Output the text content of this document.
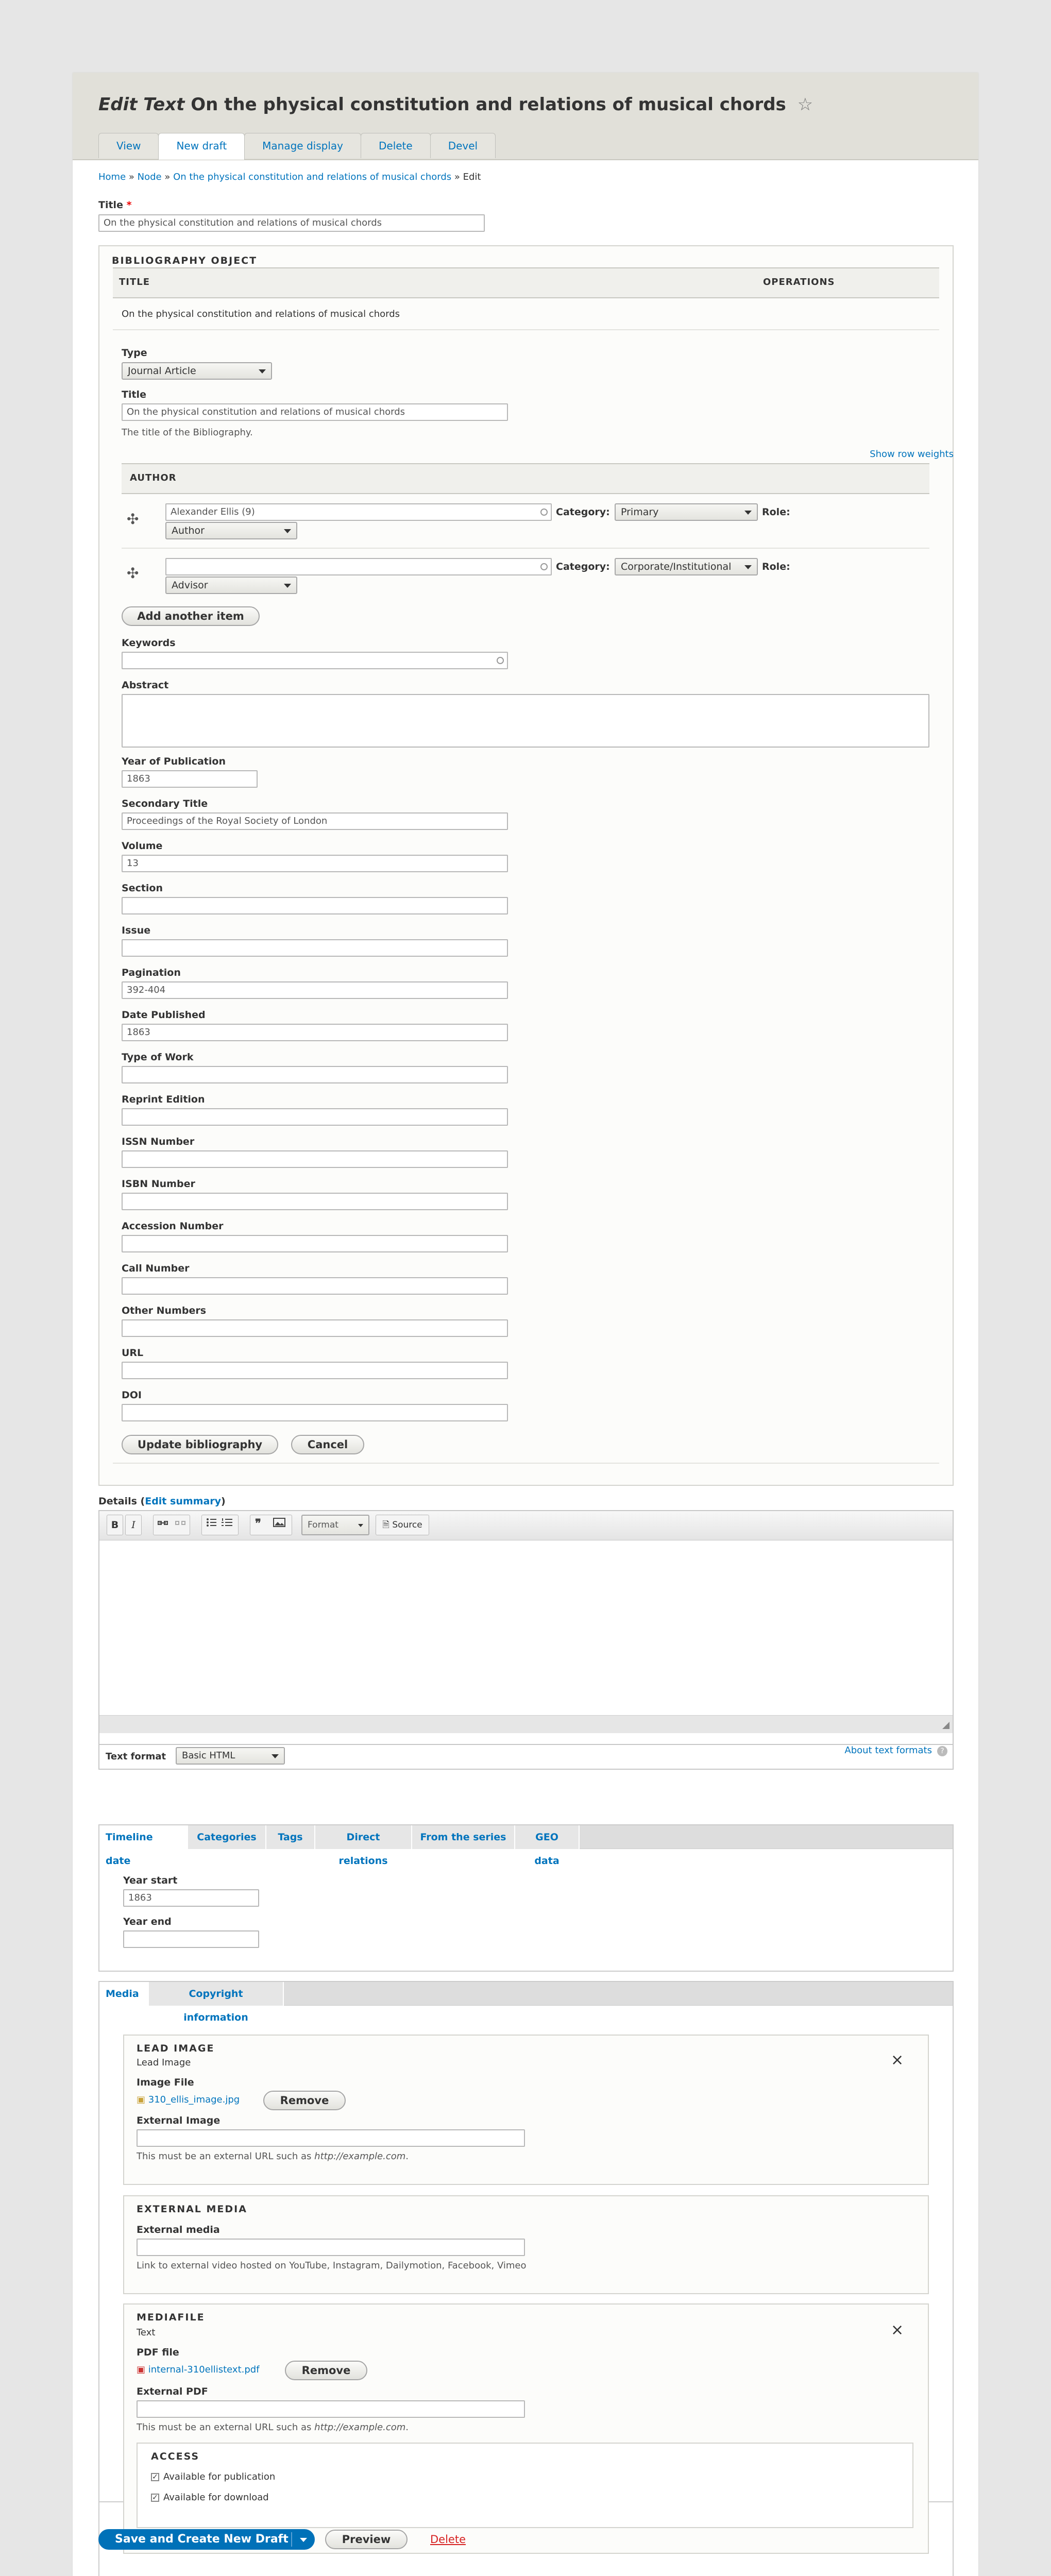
Edit Text On the physical constitution and relations of musical chords ☆
View	New draft	Manage display	Delete	Devel
Home » Node » On the physical constitution and relations of musical chords » Edit
Title *
On the physical constitution and relations of musical chords
BIBLIOGRAPHY OBJECT
TITLE	OPERATIONS
On the physical constitution and relations of musical chords
Type
Journal Article
Title
On the physical constitution and relations of musical chords
The title of the Bibliography.
Show row weights
AUTHOR
✣	Alexander Ellis (9)	Category:	Primary	Role:
Author
✣	Category:	Corporate/Institutional	Role:
Advisor
Add another item
Keywords
Abstract
Year of Publication
1863
Secondary Title
Proceedings of the Royal Society of London
Volume
13
Section
Issue
Pagination
392-404
Date Published
1863
Type of Work
Reprint Edition
ISSN Number
ISBN Number
Accession Number
Call Number
Other Numbers
URL
DOI
Update bibliography	Cancel
Details (Edit summary)
B	I	❞	Format	🗎 Source
Text format	Basic HTML	About text formats	?
Timeline date
Categories	Tags	Direct relations
From the series	GEO data
Year start
1863
Year end
Media	Copyright information
LEAD IMAGE
Lead Image	×
Image File
▣ 310_ellis_image.jpg	Remove
External Image
This must be an external URL such as http://example.com.
EXTERNAL MEDIA
External media
Link to external video hosted on YouTube, Instagram, Dailymotion, Facebook, Vimeo
MEDIAFILE
Text	×
PDF file
▣ internal-310ellistext.pdf	Remove
External PDF
This must be an external URL such as http://example.com.
ACCESS
✓ Available for publication
✓ Available for download
Save and Create New Draft	Preview	Delete
